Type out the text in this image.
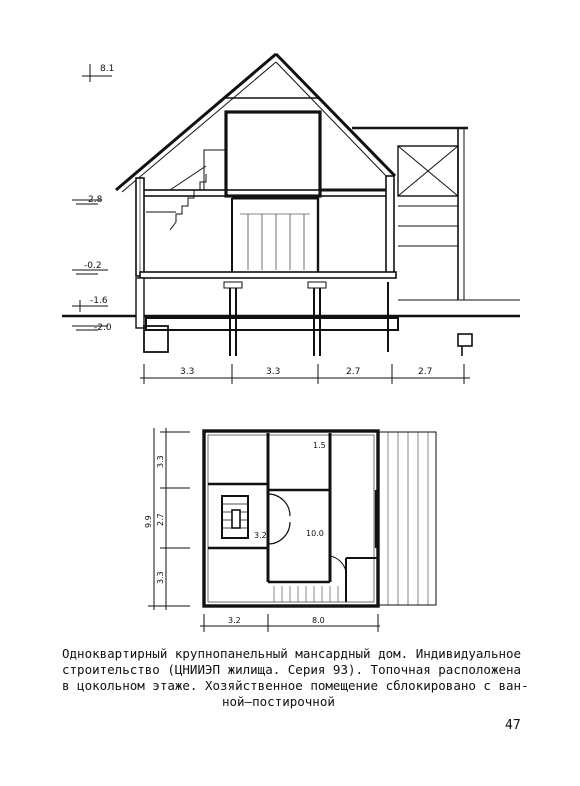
8.1
2.8
-0.2
-1.6
-2.0
3.3	3.3	2.7	2.7
3.3
2.7
3.3
9.9
3.2	8.0
1.5
10.0
3.2
Одноквартирный крупнопанельный мансардный дом. Индивидуальное
строительство (ЦНИИЭП жилища. Серия 93). Топочная расположена
в цокольном этаже. Хозяйственное помещение сблокировано с ван-
ной–постирочной
47
